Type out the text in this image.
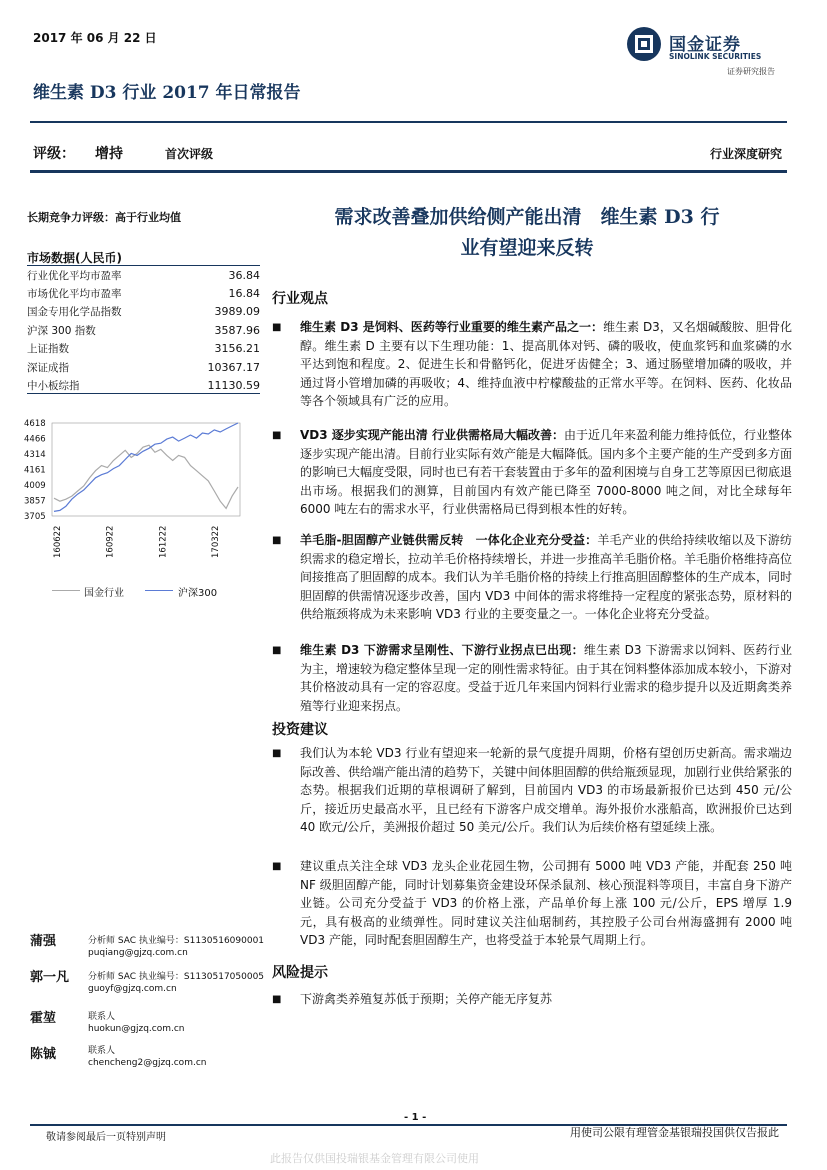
2017 年 06 月 22 日
维生素 D3 行业 2017 年日常报告
评级： 增持	首次评级	行业深度研究
国金证券
SINOLINK SECURITIES
证券研究报告
长期竞争力评级：高于行业均值
市场数据(人民币)
行业优化平均市盈率	36.84
市场优化平均市盈率	16.84
国金专用化学品指数	3989.09
沪深 300 指数	3587.96
上证指数	3156.21
深证成指	10367.17
中小板综指	11130.59
4618
4466
4314
4161
4009
3857
3705
160622	160922	161222	170322
国金行业	沪深300
蒲强	分析师 SAC 执业编号：S1130516090001
puqiang@gjzq.com.cn
郭一凡 分析师 SAC 执业编号：S1130517050005
guoyf@gjzq.com.cn
霍堃	联系人
huokun@gjzq.com.cn
陈铖	联系人
chencheng2@gjzq.com.cn
需求改善叠加供给侧产能出清　维生素 D3 行
业有望迎来反转
行业观点
■ 维生素 D3 是饲料、医药等行业重要的维生素产品之一：维生素 D3，又名烟碱酸胺、胆骨化醇。维生素 D 主要有以下生理功能：1、提高肌体对钙、磷的吸收，使血浆钙和血浆磷的水平达到饱和程度。2、促进生长和骨骼钙化，促进牙齿健全；3、通过肠壁增加磷的吸收，并通过肾小管增加磷的再吸收；4、维持血液中柠檬酸盐的正常水平等。在饲料、医药、化妆品等各个领域具有广泛的应用。
■ VD3 逐步实现产能出清 行业供需格局大幅改善：由于近几年来盈利能力维持低位，行业整体逐步实现产能出清。目前行业实际有效产能是大幅降低。国内多个主要产能的生产受到多方面的影响已大幅度受限，同时也已有若干套装置由于多年的盈利困境与自身工艺等原因已彻底退出市场。根据我们的测算，目前国内有效产能已降至 7000-8000 吨之间，对比全球每年 6000 吨左右的需求水平，行业供需格局已得到根本性的好转。
■ 羊毛脂-胆固醇产业链供需反转　一体化企业充分受益：羊毛产业的供给持续收缩以及下游纺织需求的稳定增长，拉动羊毛价格持续增长，并进一步推高羊毛脂价格。羊毛脂价格维持高位间接推高了胆固醇的成本。我们认为羊毛脂价格的持续上行推高胆固醇整体的生产成本，同时胆固醇的供需情况逐步改善，国内 VD3 中间体的需求将维持一定程度的紧张态势，原材料的供给瓶颈将成为未来影响 VD3 行业的主要变量之一。一体化企业将充分受益。
■ 维生素 D3 下游需求呈刚性、下游行业拐点已出现：维生素 D3 下游需求以饲料、医药行业为主，增速较为稳定整体呈现一定的刚性需求特征。由于其在饲料整体添加成本较小，下游对其价格波动具有一定的容忍度。受益于近几年来国内饲料行业需求的稳步提升以及近期禽类养殖等行业迎来拐点。
投资建议
■ 我们认为本轮 VD3 行业有望迎来一轮新的景气度提升周期，价格有望创历史新高。需求端边际改善、供给端产能出清的趋势下，关键中间体胆固醇的供给瓶颈显现，加剧行业供给紧张的态势。根据我们近期的草根调研了解到，目前国内 VD3 的市场最新报价已达到 450 元/公斤，接近历史最高水平，且已经有下游客户成交增单。海外报价水涨船高，欧洲报价已达到 40 欧元/公斤，美洲报价超过 50 美元/公斤。我们认为后续价格有望延续上涨。
■ 建议重点关注全球 VD3 龙头企业花园生物，公司拥有 5000 吨 VD3 产能，并配套 250 吨 NF 级胆固醇产能，同时计划募集资金建设环保杀鼠剂、核心预混料等项目，丰富自身下游产业链。公司充分受益于 VD3 的价格上涨，产品单价每上涨 100 元/公斤，EPS 增厚 1.9 元，具有极高的业绩弹性。同时建议关注仙琚制药，其控股子公司台州海盛拥有 2000 吨 VD3 产能，同时配套胆固醇生产，也将受益于本轮景气周期上行。
风险提示
■ 下游禽类养殖复苏低于预期；关停产能无序复苏
- 1 -
敬请参阅最后一页特别声明	用使司公限有理管金基银瑞投国供仅告报此
此报告仅供国投瑞银基金管理有限公司使用
